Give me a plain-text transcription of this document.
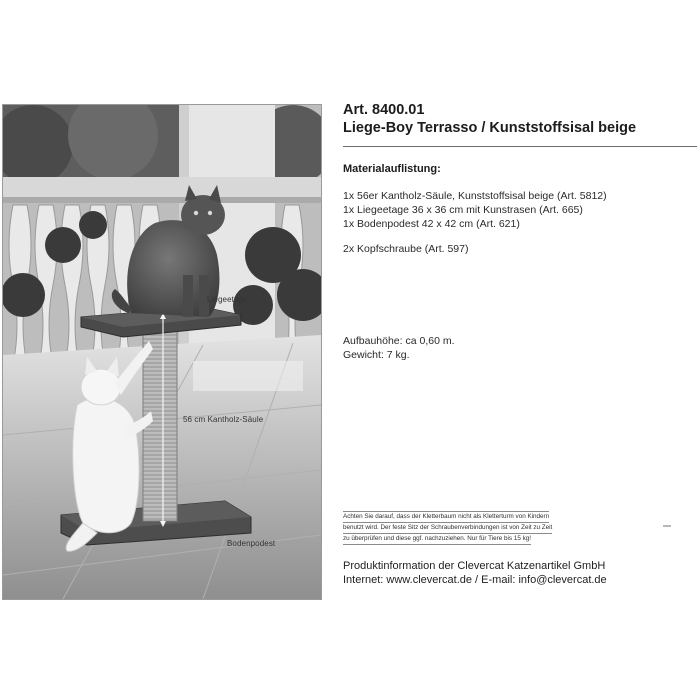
Liegeetage
56 cm Kantholz-Säule
Bodenpodest
Art. 8400.01
Liege-Boy Terrasso / Kunststoffsisal beige
Materialauflistung:
1x 56er Kantholz-Säule, Kunststoffsisal beige (Art. 5812)
1x Liegeetage 36 x 36 cm mit Kunstrasen (Art. 665)
1x Bodenpodest 42 x 42 cm (Art. 621)
2x Kopfschraube (Art. 597)
Aufbauhöhe: ca 0,60 m.
Gewicht: 7 kg.
Achten Sie darauf, dass der Kletterbaum nicht als Kletterturm von Kindern
benutzt wird. Der feste Sitz der Schraubenverbindungen ist von Zeit zu Zeit
zu überprüfen und diese ggf. nachzuziehen. Nur für Tiere bis 15 kg!
Produktinformation der Clevercat Katzenartikel GmbH
Internet: www.clevercat.de / E-mail: info@clevercat.de
